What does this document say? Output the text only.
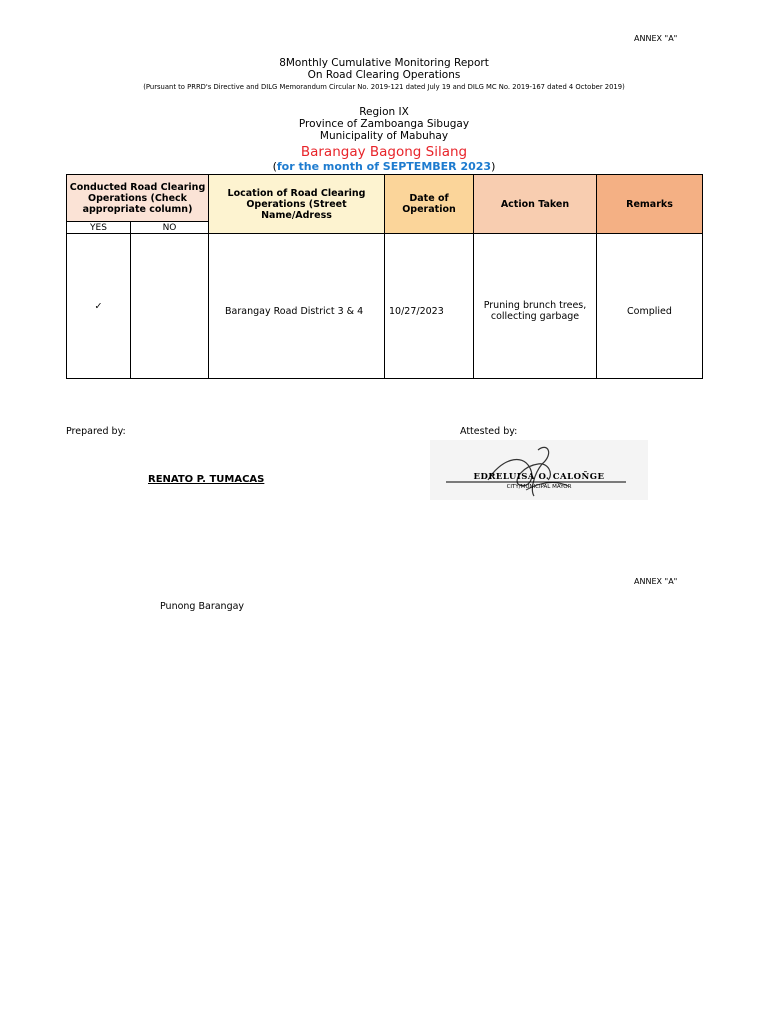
ANNEX "A"
8Monthly Cumulative Monitoring Report
On Road Clearing Operations
(Pursuant to PRRD's Directive and DILG Memorandum Circular No. 2019-121 dated July 19 and DILG MC No. 2019-167 dated 4 October 2019)
Region IX
Province of Zamboanga Sibugay
Municipality of Mabuhay
Barangay Bagong Silang
(for the month of SEPTEMBER 2023)
Conducted Road Clearing Operations (Check appropriate column)		Location of Road Clearing Operations (Street Name/Adress	Date of Operation	Action Taken	Remarks
YES	NO				
✓		Barangay Road District 3 & 4	10/27/2023	Pruning brunch trees, collecting garbage	Complied
Prepared by:	Attested by:
RENATO P. TUMACAS	EDRELUISA O. CALOÑGE
CITY/MUNICIPAL MAYOR
ANNEX "A"
Punong Barangay
